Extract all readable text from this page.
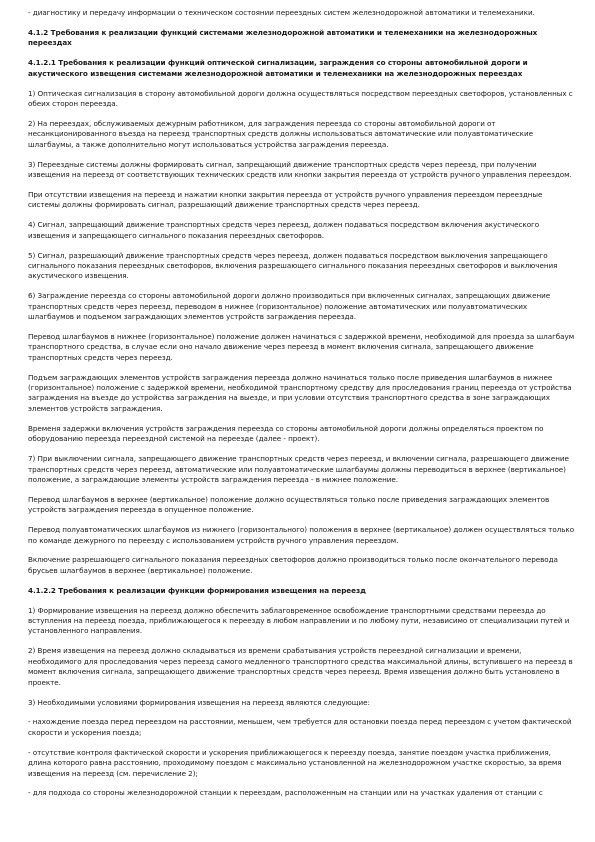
- диагностику и передачу информации о техническом состоянии переездных систем железнодорожной автоматики и телемеханики.

4.1.2 Требования к реализации функций системами железнодорожной автоматики и телемеханики на железнодорожных переездах

4.1.2.1 Требования к реализации функций оптической сигнализации, заграждения со стороны автомобильной дороги и акустического извещения системами железнодорожной автоматики и телемеханики на железнодорожных переездах

1) Оптическая сигнализация в сторону автомобильной дороги должна осуществляться посредством переездных светофоров, установленных с обеих сторон переезда.

2) На переездах, обслуживаемых дежурным работником, для заграждения переезда со стороны автомобильной дороги от несанкционированного въезда на переезд транспортных средств должны использоваться автоматические или полуавтоматические шлагбаумы, а также дополнительно могут использоваться устройства заграждения переезда.

3) Переездные системы должны формировать сигнал, запрещающий движение транспортных средств через переезд, при получении извещения на переезд от соответствующих технических средств или кнопки закрытия переезда от устройств ручного управления переездом.

При отсутствии извещения на переезд и нажатии кнопки закрытия переезда от устройств ручного управления переездом переездные системы должны формировать сигнал, разрешающий движение транспортных средств через переезд.

4) Сигнал, запрещающий движение транспортных средств через переезд, должен подаваться посредством включения акустического извещения и запрещающего сигнального показания переездных светофоров.

5) Сигнал, разрешающий движение транспортных средств через переезд, должен подаваться посредством выключения запрещающего сигнального показания переездных светофоров, включения разрешающего сигнального показания переездных светофоров и выключения акустического извещения.

6) Заграждение переезда со стороны автомобильной дороги должно производиться при включенных сигналах, запрещающих движение транспортных средств через переезд, переводом в нижнее (горизонтальное) положение автоматических или полуавтоматических шлагбаумов и подъемом заграждающих элементов устройств заграждения переезда.

Перевод шлагбаумов в нижнее (горизонтальное) положение должен начинаться с задержкой времени, необходимой для проезда за шлагбаум транспортного средства, в случае если оно начало движение через переезд в момент включения сигнала, запрещающего движение транспортных средств через переезд.

Подъем заграждающих элементов устройств заграждения переезда должно начинаться только после приведения шлагбаумов в нижнее (горизонтальное) положение с задержкой времени, необходимой транспортному средству для проследования границ переезда от устройства заграждения на въезде до устройства заграждения на выезде, и при условии отсутствия транспортного средства в зоне заграждающих элементов устройств заграждения.

Временя задержки включения устройств заграждения переезда со стороны автомобильной дороги должны определяться проектом по оборудованию переезда переездной системой на переезде (далее - проект).

7) При выключении сигнала, запрещающего движение транспортных средств через переезд, и включении сигнала, разрешающего движение транспортных средств через переезд, автоматические или полуавтоматические шлагбаумы должны переводиться в верхнее (вертикальное) положение, а заграждающие элементы устройств заграждения переезда - в нижнее положение.

Перевод шлагбаумов в верхнее (вертикальное) положение должно осуществляться только после приведения заграждающих элементов устройств заграждения переезда в опущенное положение.

Перевод полуавтоматических шлагбаумов из нижнего (горизонтального) положения в верхнее (вертикальное) должен осуществляться только по команде дежурного по переезду с использованием устройств ручного управления переездом.

Включение разрешающего сигнального показания переездных светофоров должно производиться только после окончательного перевода брусьев шлагбаумов в верхнее (вертикальное) положение.

4.1.2.2 Требования к реализации функции формирования извещения на переезд

1) Формирование извещения на переезд должно обеспечить заблаговременное освобождение транспортными средствами переезда до вступления на переезд поезда, приближающегося к переезду в любом направлении и по любому пути, независимо от специализации путей и установленного направления.

2) Время извещения на переезд должно складываться из времени срабатывания устройств переездной сигнализации и времени, необходимого для проследования через переезд самого медленного транспортного средства максимальной длины, вступившего на переезд в момент включения сигнала, запрещающего движение транспортных средств через переезд. Время извещения должно быть установлено в проекте.

3) Необходимыми условиями формирования извещения на переезд являются следующие:

- нахождение поезда перед переездом на расстоянии, меньшем, чем требуется для остановки поезда перед переездом с учетом фактической скорости и ускорения поезда;

- отсутствие контроля фактической скорости и ускорения приближающегося к переезду поезда, занятие поездом участка приближения, длина которого равна расстоянию, проходимому поездом с максимально установленной на железнодорожном участке скоростью, за время извещения на переезд (см. перечисление 2);

- для подхода со стороны железнодорожной станции к переездам, расположенным на станции или на участках удаления от станции с
